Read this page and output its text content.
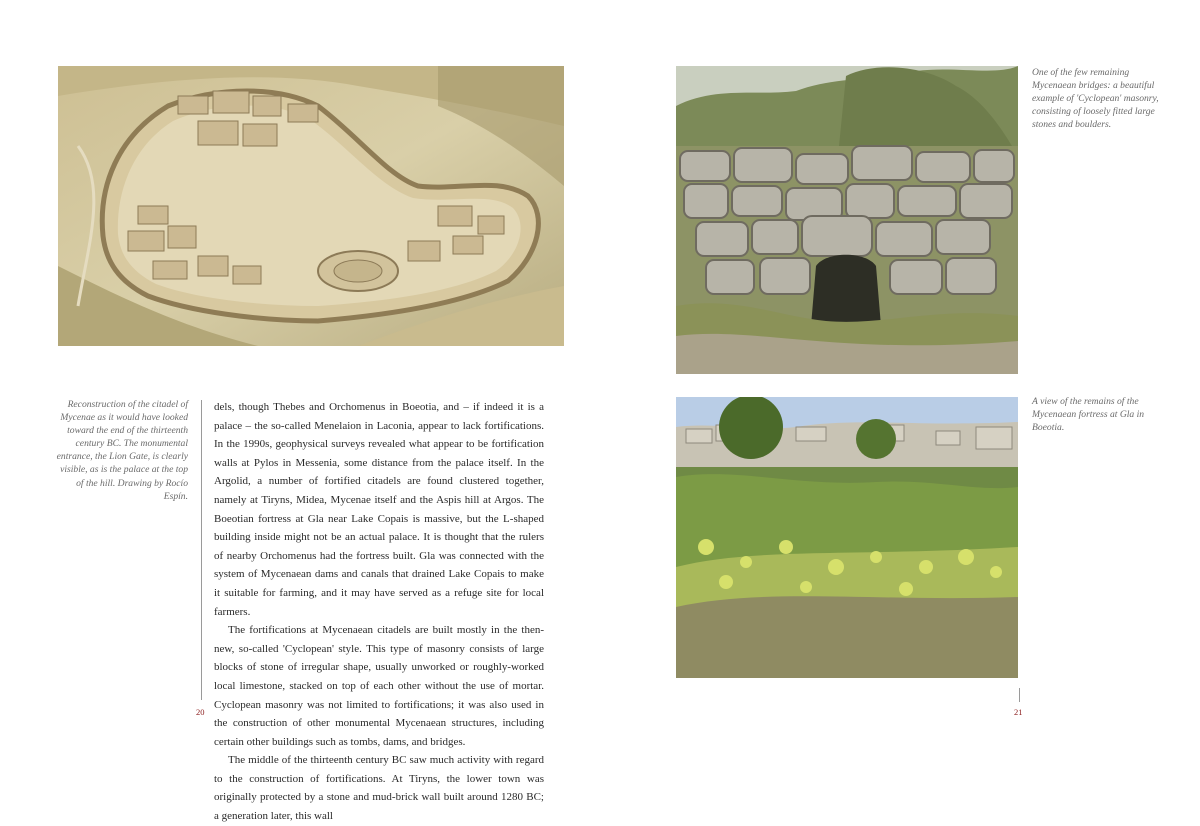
Reconstruction of the citadel of Mycenae as it would have looked toward the end of the thirteenth century BC. The monumental entrance, the Lion Gate, is clearly visible, as is the palace at the top of the hill. Drawing by Rocío Espín.

dels, though Thebes and Orchomenus in Boeotia, and – if indeed it is a palace – the so-called Menelaion in Laconia, appear to lack fortifications. In the 1990s, geophysical surveys revealed what appear to be fortification walls at Pylos in Messenia, some distance from the palace itself. In the Argolid, a number of fortified citadels are found clustered together, namely at Tiryns, Midea, Mycenae itself and the Aspis hill at Argos. The Boeotian fortress at Gla near Lake Copais is massive, but the L-shaped building inside might not be an actual palace. It is thought that the rulers of nearby Orchomenus had the fortress built. Gla was connected with the system of Mycenaean dams and canals that drained Lake Copais to make it suitable for farming, and it may have served as a refuge site for local farmers.

The fortifications at Mycenaean citadels are built mostly in the then-new, so-called 'Cyclopean' style. This type of masonry consists of large blocks of stone of irregular shape, usually unworked or roughly-worked local limestone, stacked on top of each other without the use of mortar. Cyclopean masonry was not limited to fortifications; it was also used in the construction of other monumental Mycenaean structures, including certain other buildings such as tombs, dams, and bridges.

The middle of the thirteenth century BC saw much activity with regard to the construction of fortifications. At Tiryns, the lower town was originally protected by a stone and mud-brick wall built around 1280 BC; a generation later, this wall

One of the few remaining Mycenaean bridges: a beautiful example of 'Cyclopean' masonry, consisting of loosely fitted large stones and boulders.
A view of the remains of the Mycenaean fortress at Gla in Boeotia.
20	21
